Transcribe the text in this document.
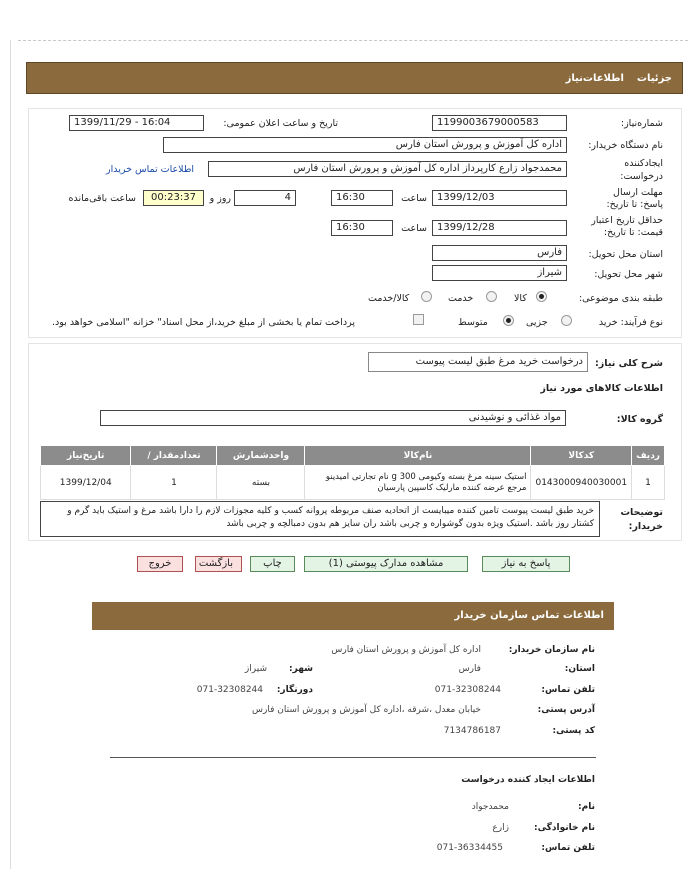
جزئیات
اطلاعات‌نیاز
شماره‌نیاز:
1199003679000583
تاریخ و ساعت اعلان عمومی:
1399/11/29 - 16:04
نام دستگاه خریدار:
اداره کل آموزش و پرورش استان فارس
ایجادکننده درخواست:
محمدجواد زارع کارپرداز اداره کل آموزش و پرورش استان فارس
اطلاعات تماس خریدار
مهلت ارسال پاسخ: تا تاریخ:
1399/12/03
ساعت
16:30
4
روز و
00:23:37
ساعت باقی‌مانده
حداقل تاریخ اعتبار قیمت: تا تاریخ:
1399/12/28
ساعت
16:30
استان محل تحویل:
فارس
شهر محل تحویل:
شیراز
طبقه بندی موضوعی:
کالا
خدمت
کالا/خدمت
نوع فرآیند: خرید
جزیی
متوسط
پرداخت تمام یا بخشی از مبلغ خرید،از محل اسناد" خزانه "اسلامی خواهد بود.
شرح کلی نیاز:
درخواست خرید مرغ طبق لیست پیوست
اطلاعات کالاهای مورد نیاز
گروه کالا:
مواد غذائی و نوشیدنی
ردیف	کدکالا	نام‌کالا	واحدشمارش	تعدادمقدار /	تاریخ‌نیاز
1	0143000940030001	استیک سینه مرغ بسته وکیومی 300 g نام تجارتی امیدینو مرجع عرضه کننده مارلیک کاسپین پارسیان	بسته	1	1399/12/04
توضیحات خریدار:
خرید طبق لیست پیوست تامین کننده میبایست از اتحادیه صنف مربوطه پروانه کسب و کلیه مجوزات لازم را دارا باشد مرغ و استیک باید گرم و کشتار روز باشد .استیک ویژه بدون گوشواره و چربی باشد ران سایز هم بدون دمبالچه و چربی باشد
پاسخ به نیاز
مشاهده مدارک پیوستی (1)
چاپ
بازگشت
خروج
اطلاعات تماس سازمان خریدار
نام سازمان خریدار:
اداره کل آموزش و پرورش استان فارس
استان:
فارس
شهر:
شیراز
تلفن تماس:
071-32308244
دورنگار:
071-32308244
آدرس پستی:
خیابان معدل ،شرقه ،اداره کل آموزش و پرورش استان فارس
کد پستی:
7134786187
اطلاعات ایجاد کننده درخواست
نام:
محمدجواد
نام خانوادگی:
زارع
تلفن تماس:
071-36334455
